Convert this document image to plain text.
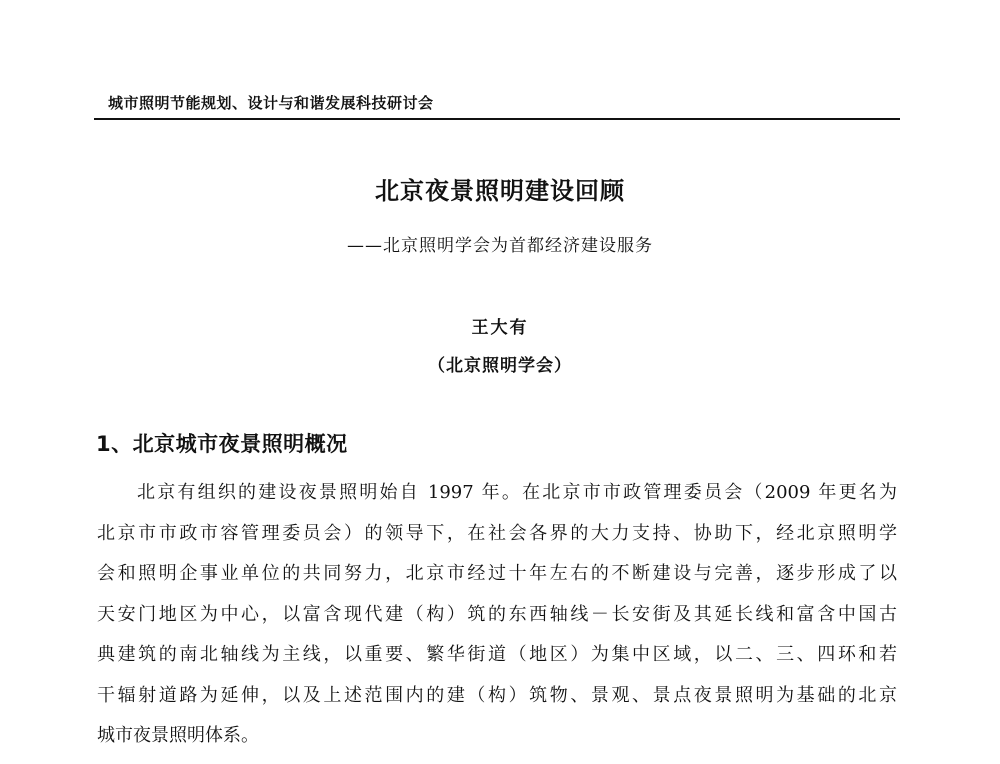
城市照明节能规划、设计与和谐发展科技研讨会
北京夜景照明建设回顾
——北京照明学会为首都经济建设服务
王大有
（北京照明学会）
1、北京城市夜景照明概况
北京有组织的建设夜景照明始自 1997 年。在北京市市政管理委员会（2009 年更名为
北京市市政市容管理委员会）的领导下，在社会各界的大力支持、协助下，经北京照明学
会和照明企事业单位的共同努力，北京市经过十年左右的不断建设与完善，逐步形成了以
天安门地区为中心，以富含现代建（构）筑的东西轴线－长安街及其延长线和富含中国古
典建筑的南北轴线为主线，以重要、繁华街道（地区）为集中区域，以二、三、四环和若
干辐射道路为延伸，以及上述范围内的建（构）筑物、景观、景点夜景照明为基础的北京
城市夜景照明体系。
